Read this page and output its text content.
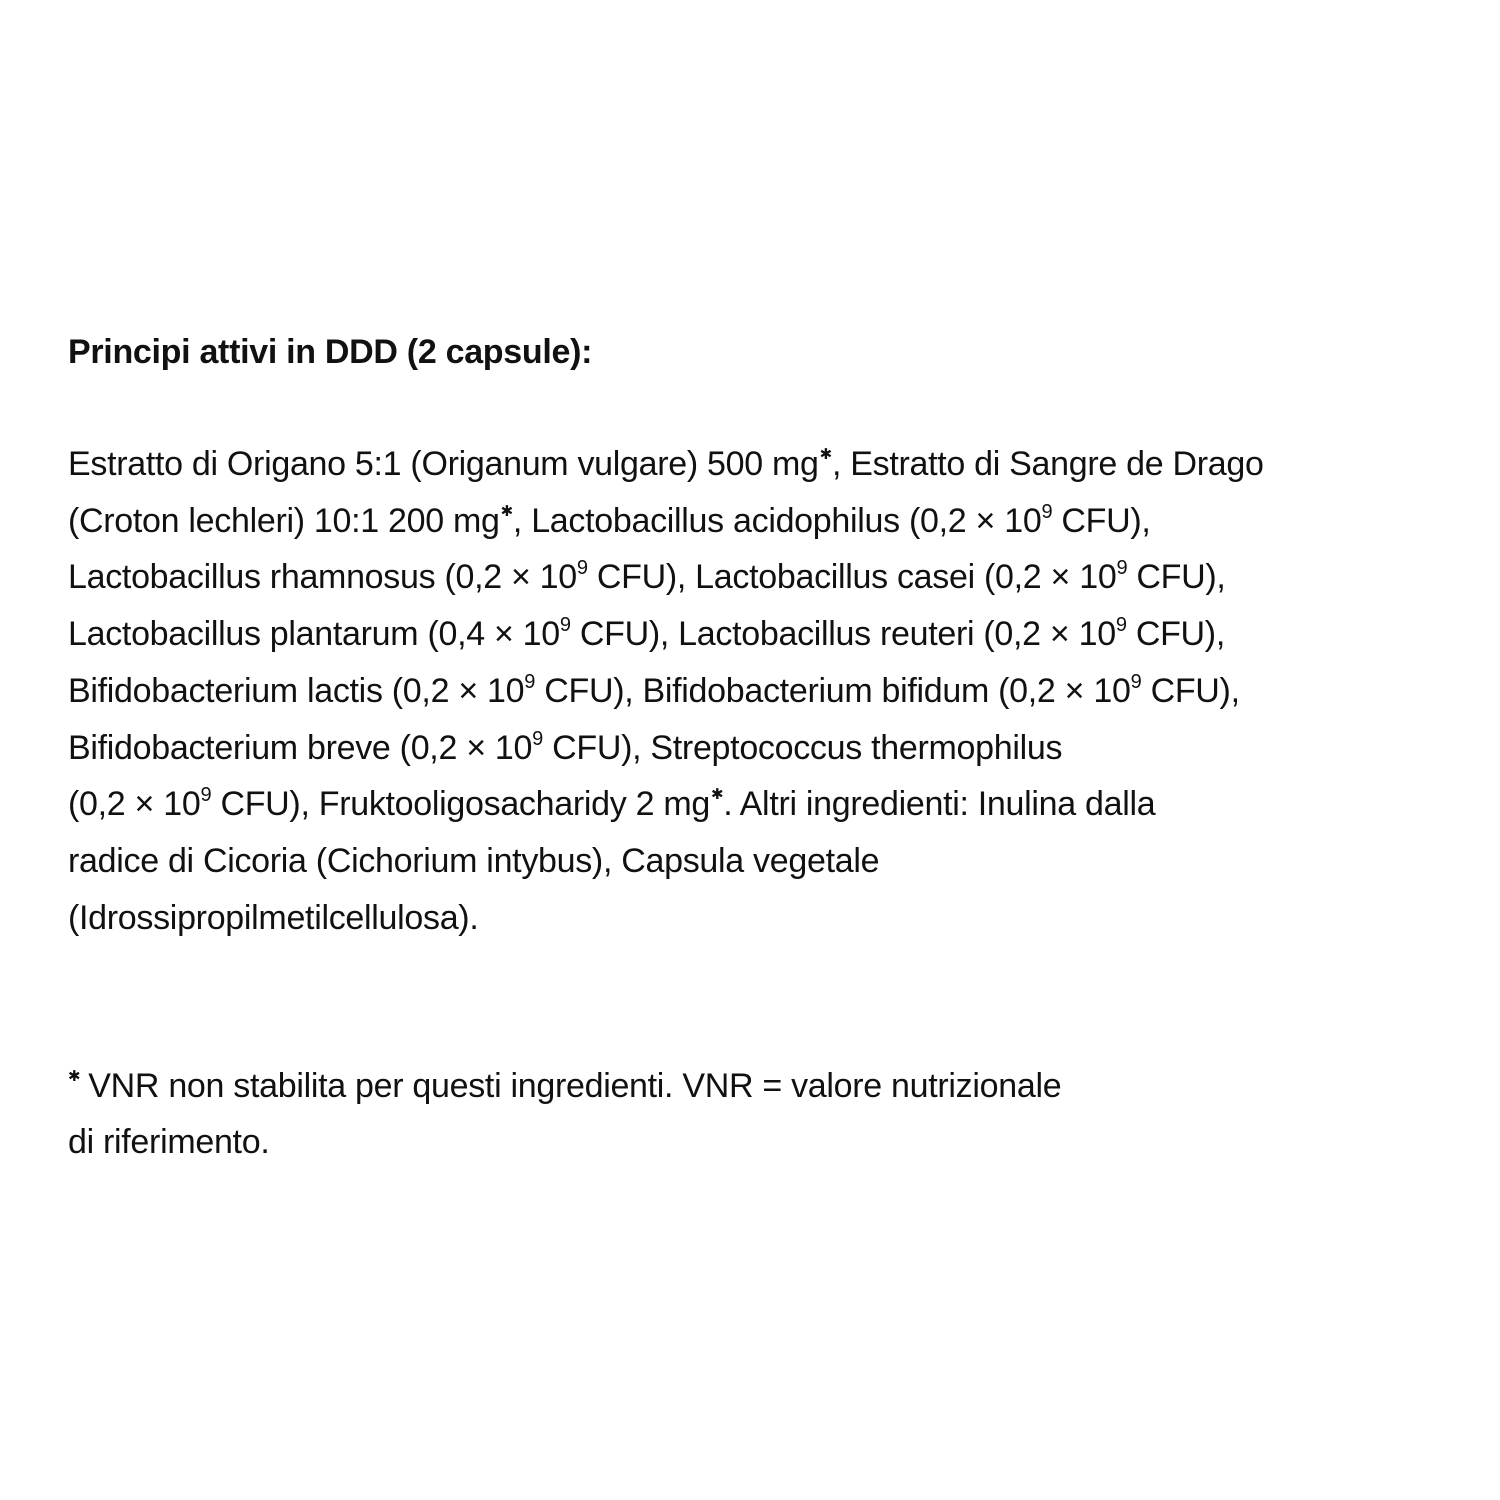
Principi attivi in DDD (2 capsule):

Estratto di Origano 5:1 (Origanum vulgare) 500 mg✱, Estratto di Sangre de Drago
(Croton lechleri) 10:1 200 mg✱, Lactobacillus acidophilus ($0,2 \times 10^9$ CFU),
Lactobacillus rhamnosus ($0,2 \times 10^9$ CFU), Lactobacillus casei ($0,2 \times 10^9$ CFU),
Lactobacillus plantarum ($0,4 \times 10^9$ CFU), Lactobacillus reuteri ($0,2 \times 10^9$ CFU),
Bifidobacterium lactis ($0,2 \times 10^9$ CFU), Bifidobacterium bifidum ($0,2 \times 10^9$ CFU),
Bifidobacterium breve ($0,2 \times 10^9$ CFU), Streptococcus thermophilus
($0,2 \times 10^9$ CFU), Fruktooligosacharidy 2 mg✱. Altri ingredienti: Inulina dalla
radice di Cicoria (Cichorium intybus), Capsula vegetale
(Idrossipropilmetilcellulosa).

✱ VNR non stabilita per questi ingredienti. VNR = valore nutrizionale
di riferimento.
